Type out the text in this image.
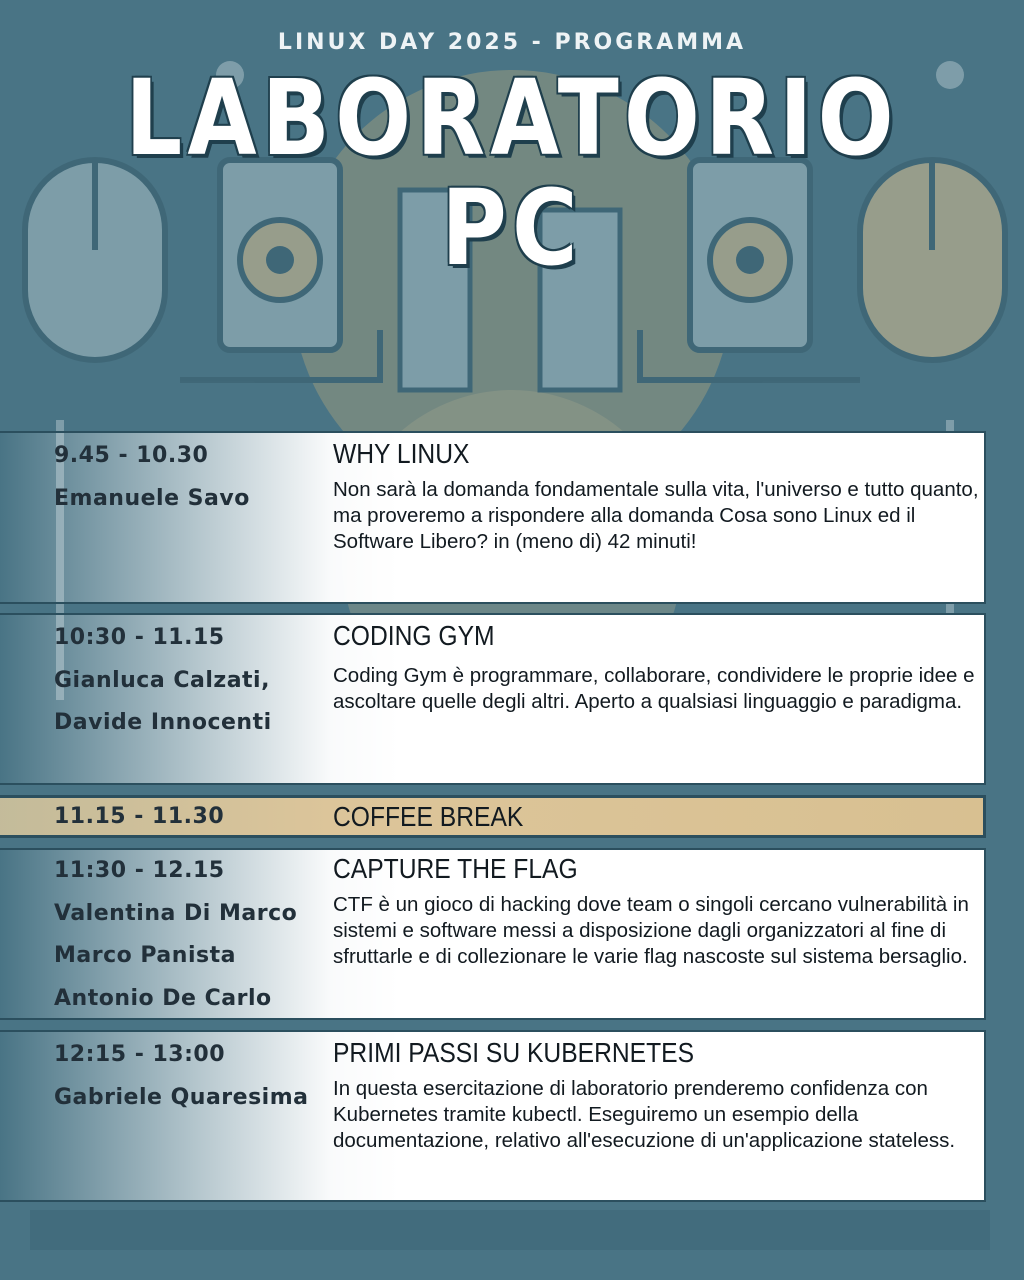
LINUX DAY 2025 - PROGRAMMA
LABORATORIO PC
9.45 - 10.30
Emanuele Savo
WHY LINUX
Non sarà la domanda fondamentale sulla vita, l'universo e tutto quanto, ma proveremo a rispondere alla domanda Cosa sono Linux ed il Software Libero? in (meno di) 42 minuti!
10:30 - 11.15
Gianluca Calzati,
Davide Innocenti
CODING GYM
Coding Gym è programmare, collaborare, condividere le proprie idee e ascoltare quelle degli altri. Aperto a qualsiasi linguaggio e paradigma.
11.15 - 11.30	COFFEE BREAK
11:30 - 12.15
Valentina Di Marco
Marco Panista
Antonio De Carlo
CAPTURE THE FLAG
CTF è un gioco di hacking dove team o singoli cercano vulnerabilità in sistemi e software messi a disposizione dagli organizzatori al fine di sfruttarle e di collezionare le varie flag nascoste sul sistema bersaglio.
12:15 - 13:00
Gabriele Quaresima
PRIMI PASSI SU KUBERNETES
In questa esercitazione di laboratorio prenderemo confidenza con Kubernetes tramite kubectl. Eseguiremo un esempio della documentazione, relativo all'esecuzione di un'applicazione stateless.
